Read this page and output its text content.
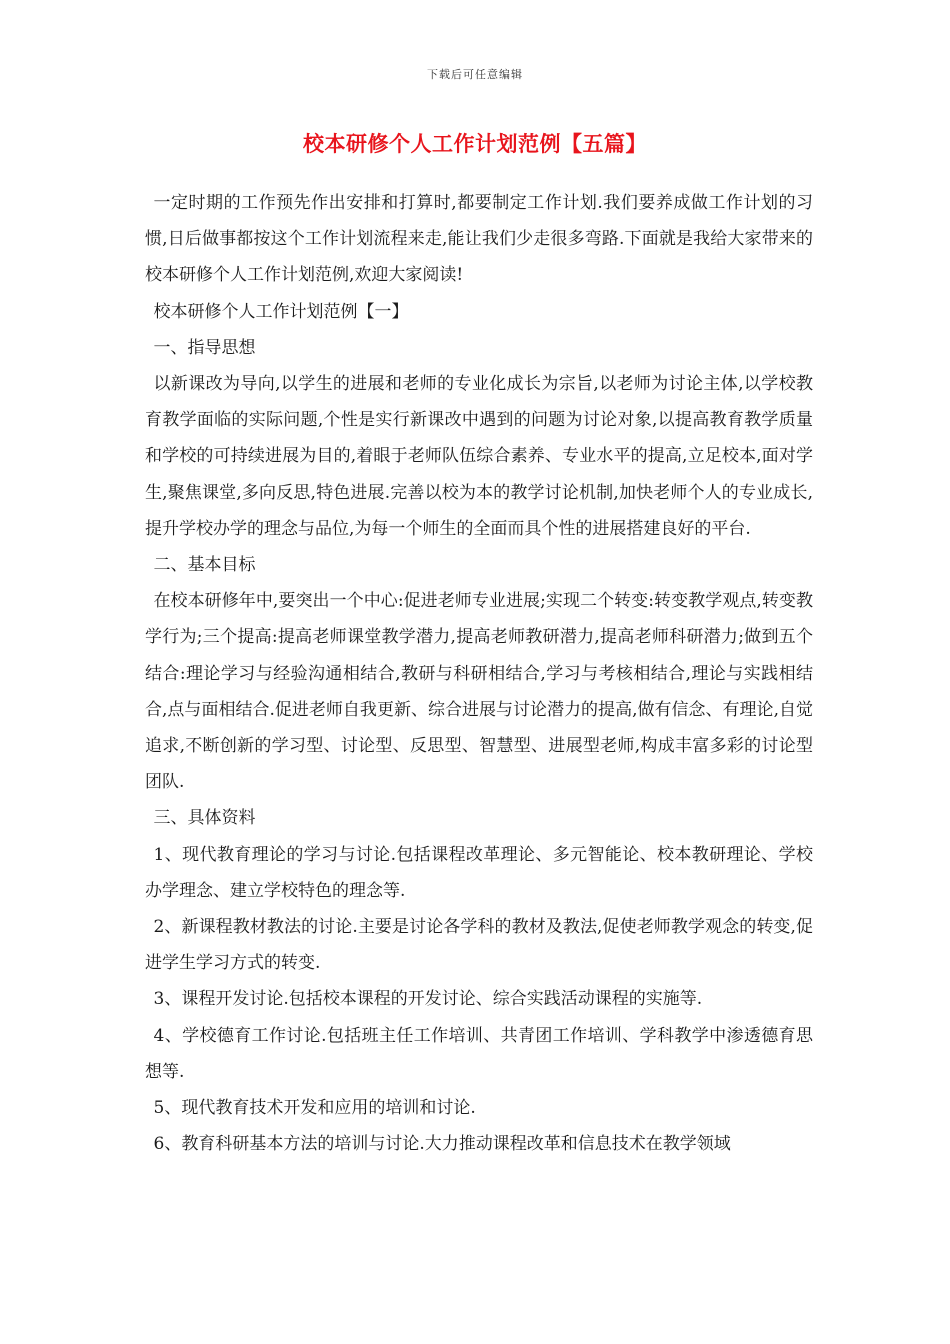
下载后可任意编辑
校本研修个人工作计划范例【五篇】

一定时期的工作预先作出安排和打算时,都要制定工作计划.我们要养成做工作计划的习惯,日后做事都按这个工作计划流程来走,能让我们少走很多弯路.下面就是我给大家带来的校本研修个人工作计划范例,欢迎大家阅读!

校本研修个人工作计划范例【一】

一、指导思想

以新课改为导向,以学生的进展和老师的专业化成长为宗旨,以老师为讨论主体,以学校教育教学面临的实际问题,个性是实行新课改中遇到的问题为讨论对象,以提高教育教学质量和学校的可持续进展为目的,着眼于老师队伍综合素养、专业水平的提高,立足校本,面对学生,聚焦课堂,多向反思,特色进展.完善以校为本的教学讨论机制,加快老师个人的专业成长,提升学校办学的理念与品位,为每一个师生的全面而具个性的进展搭建良好的平台.

二、基本目标

在校本研修年中,要突出一个中心:促进老师专业进展;实现二个转变:转变教学观点,转变教学行为;三个提高:提高老师课堂教学潜力,提高老师教研潜力,提高老师科研潜力;做到五个结合:理论学习与经验沟通相结合,教研与科研相结合,学习与考核相结合,理论与实践相结合,点与面相结合.促进老师自我更新、综合进展与讨论潜力的提高,做有信念、有理论,自觉追求,不断创新的学习型、讨论型、反思型、智慧型、进展型老师,构成丰富多彩的讨论型团队.

三、具体资料

1、现代教育理论的学习与讨论.包括课程改革理论、多元智能论、校本教研理论、学校办学理念、建立学校特色的理念等.

2、新课程教材教法的讨论.主要是讨论各学科的教材及教法,促使老师教学观念的转变,促进学生学习方式的转变.

3、课程开发讨论.包括校本课程的开发讨论、综合实践活动课程的实施等.

4、学校德育工作讨论.包括班主任工作培训、共青团工作培训、学科教学中渗透德育思想等.

5、现代教育技术开发和应用的培训和讨论.

6、教育科研基本方法的培训与讨论.大力推动课程改革和信息技术在教学领域
